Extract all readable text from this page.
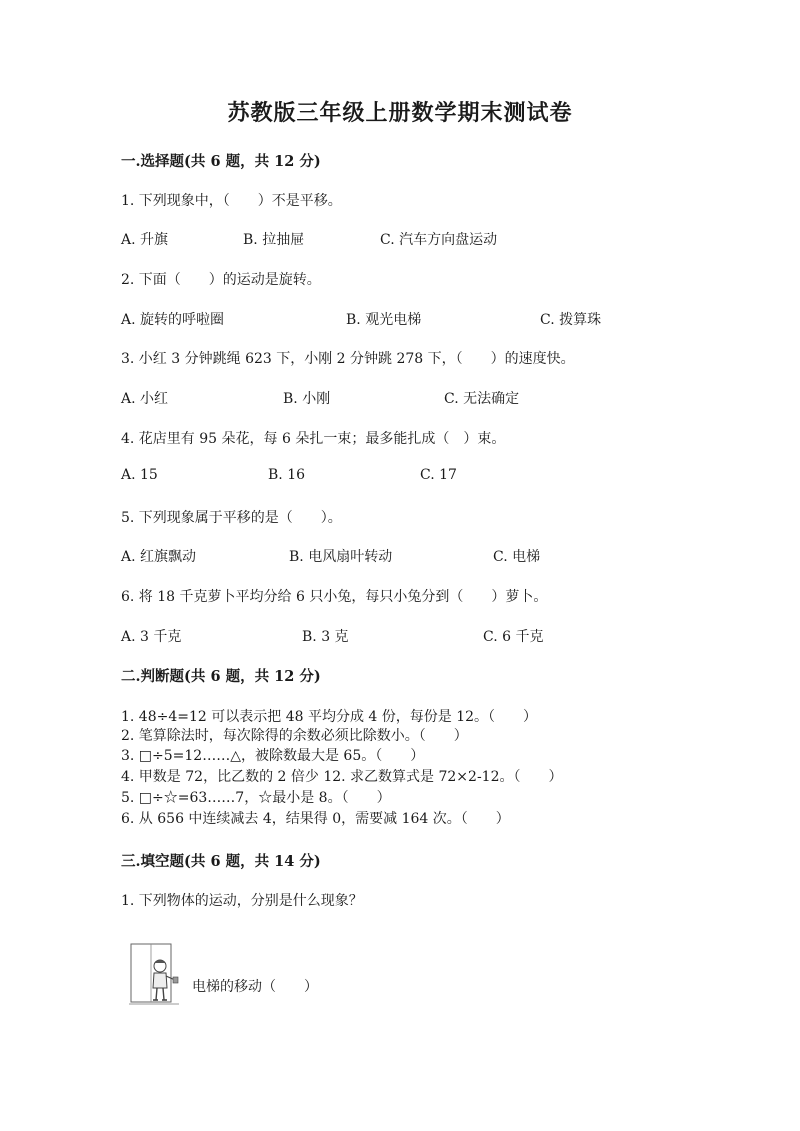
苏教版三年级上册数学期末测试卷
一.选择题(共 6 题，共 12 分)
1. 下列现象中，（　　）不是平移。
A. 升旗	B. 拉抽屉	C. 汽车方向盘运动
2. 下面（　　）的运动是旋转。
A. 旋转的呼啦圈	B. 观光电梯	C. 拨算珠
3. 小红 3 分钟跳绳 623 下，小刚 2 分钟跳 278 下，（　　）的速度快。
A. 小红	B. 小刚	C. 无法确定
4. 花店里有 95 朵花，每 6 朵扎一束；最多能扎成（　）束。
A. 15	B. 16	C. 17
5. 下列现象属于平移的是（　　）。
A. 红旗飘动	B. 电风扇叶转动	C. 电梯
6. 将 18 千克萝卜平均分给 6 只小兔，每只小兔分到（　　）萝卜。
A. 3 千克	B. 3 克	C. 6 千克
二.判断题(共 6 题，共 12 分)
1. 48÷4=12 可以表示把 48 平均分成 4 份，每份是 12。（　　）
2. 笔算除法时，每次除得的余数必须比除数小。（　　）
3. □÷5=12……△，被除数最大是 65。（　　）
4. 甲数是 72，比乙数的 2 倍少 12. 求乙数算式是 72×2-12。（　　）
5. □÷☆=63……7，☆最小是 8。（　　）
6. 从 656 中连续减去 4，结果得 0，需要减 164 次。（　　）
三.填空题(共 6 题，共 14 分)
1. 下列物体的运动，分别是什么现象？
电梯的移动（　　）
